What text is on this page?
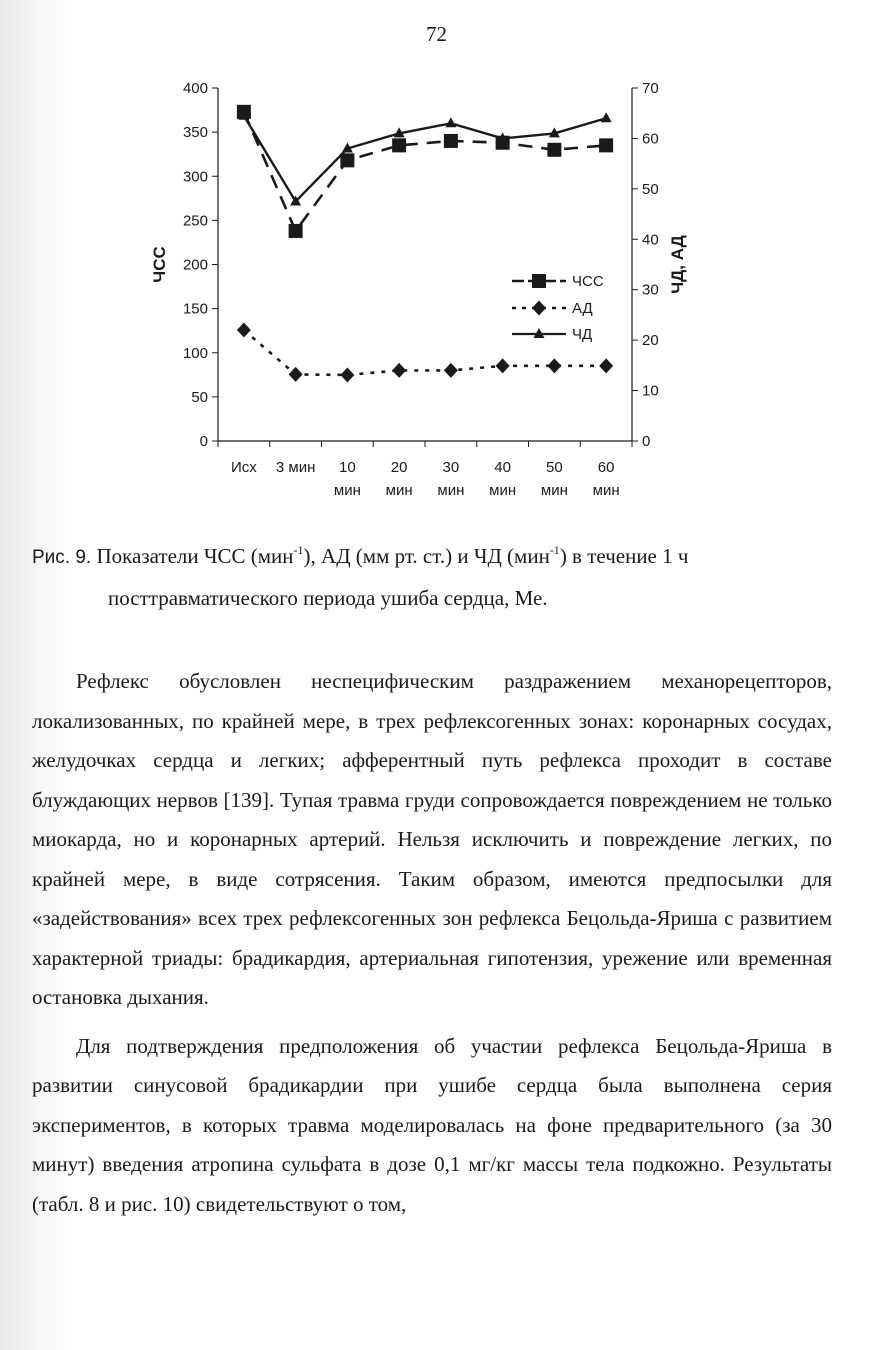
72
0
50
100
150
200
250
300
350
400
0
10
20
30
40
50
60
70
Исх 3 мин 10
мин
20
мин
30
мин
40
мин
50
мин
60
мин
ЧСС	ЧД, АД
ЧСС
АД
ЧД
Рис. 9. Показатели ЧСС (мин$^{-1}$), АД (мм рт. ст.) и ЧД (мин$^{-1}$) в течение 1 ч
посттравматического периода ушиба сердца, Ме.

Рефлекс обусловлен неспецифическим раздражением механорецепторов, локализованных, по крайней мере, в трех рефлексогенных зонах: коронарных сосудах, желудочках сердца и легких; афферентный путь рефлекса проходит в составе блуждающих нервов [139]. Тупая травма груди сопровождается повреждением не только миокарда, но и коронарных артерий. Нельзя исключить и повреждение легких, по крайней мере, в виде сотрясения. Таким образом, имеются предпосылки для «задействования» всех трех рефлексогенных зон рефлекса Бецольда-Яриша с развитием характерной триады: брадикардия, артериальная гипотензия, урежение или временная остановка дыхания.

Для подтверждения предположения об участии рефлекса Бецольда-Яриша в развитии синусовой брадикардии при ушибе сердца была выполнена серия экспериментов, в которых травма моделировалась на фоне предварительного (за 30 минут) введения атропина сульфата в дозе 0,1 мг/кг массы тела подкожно. Результаты (табл. 8 и рис. 10) свидетельствуют о том,
